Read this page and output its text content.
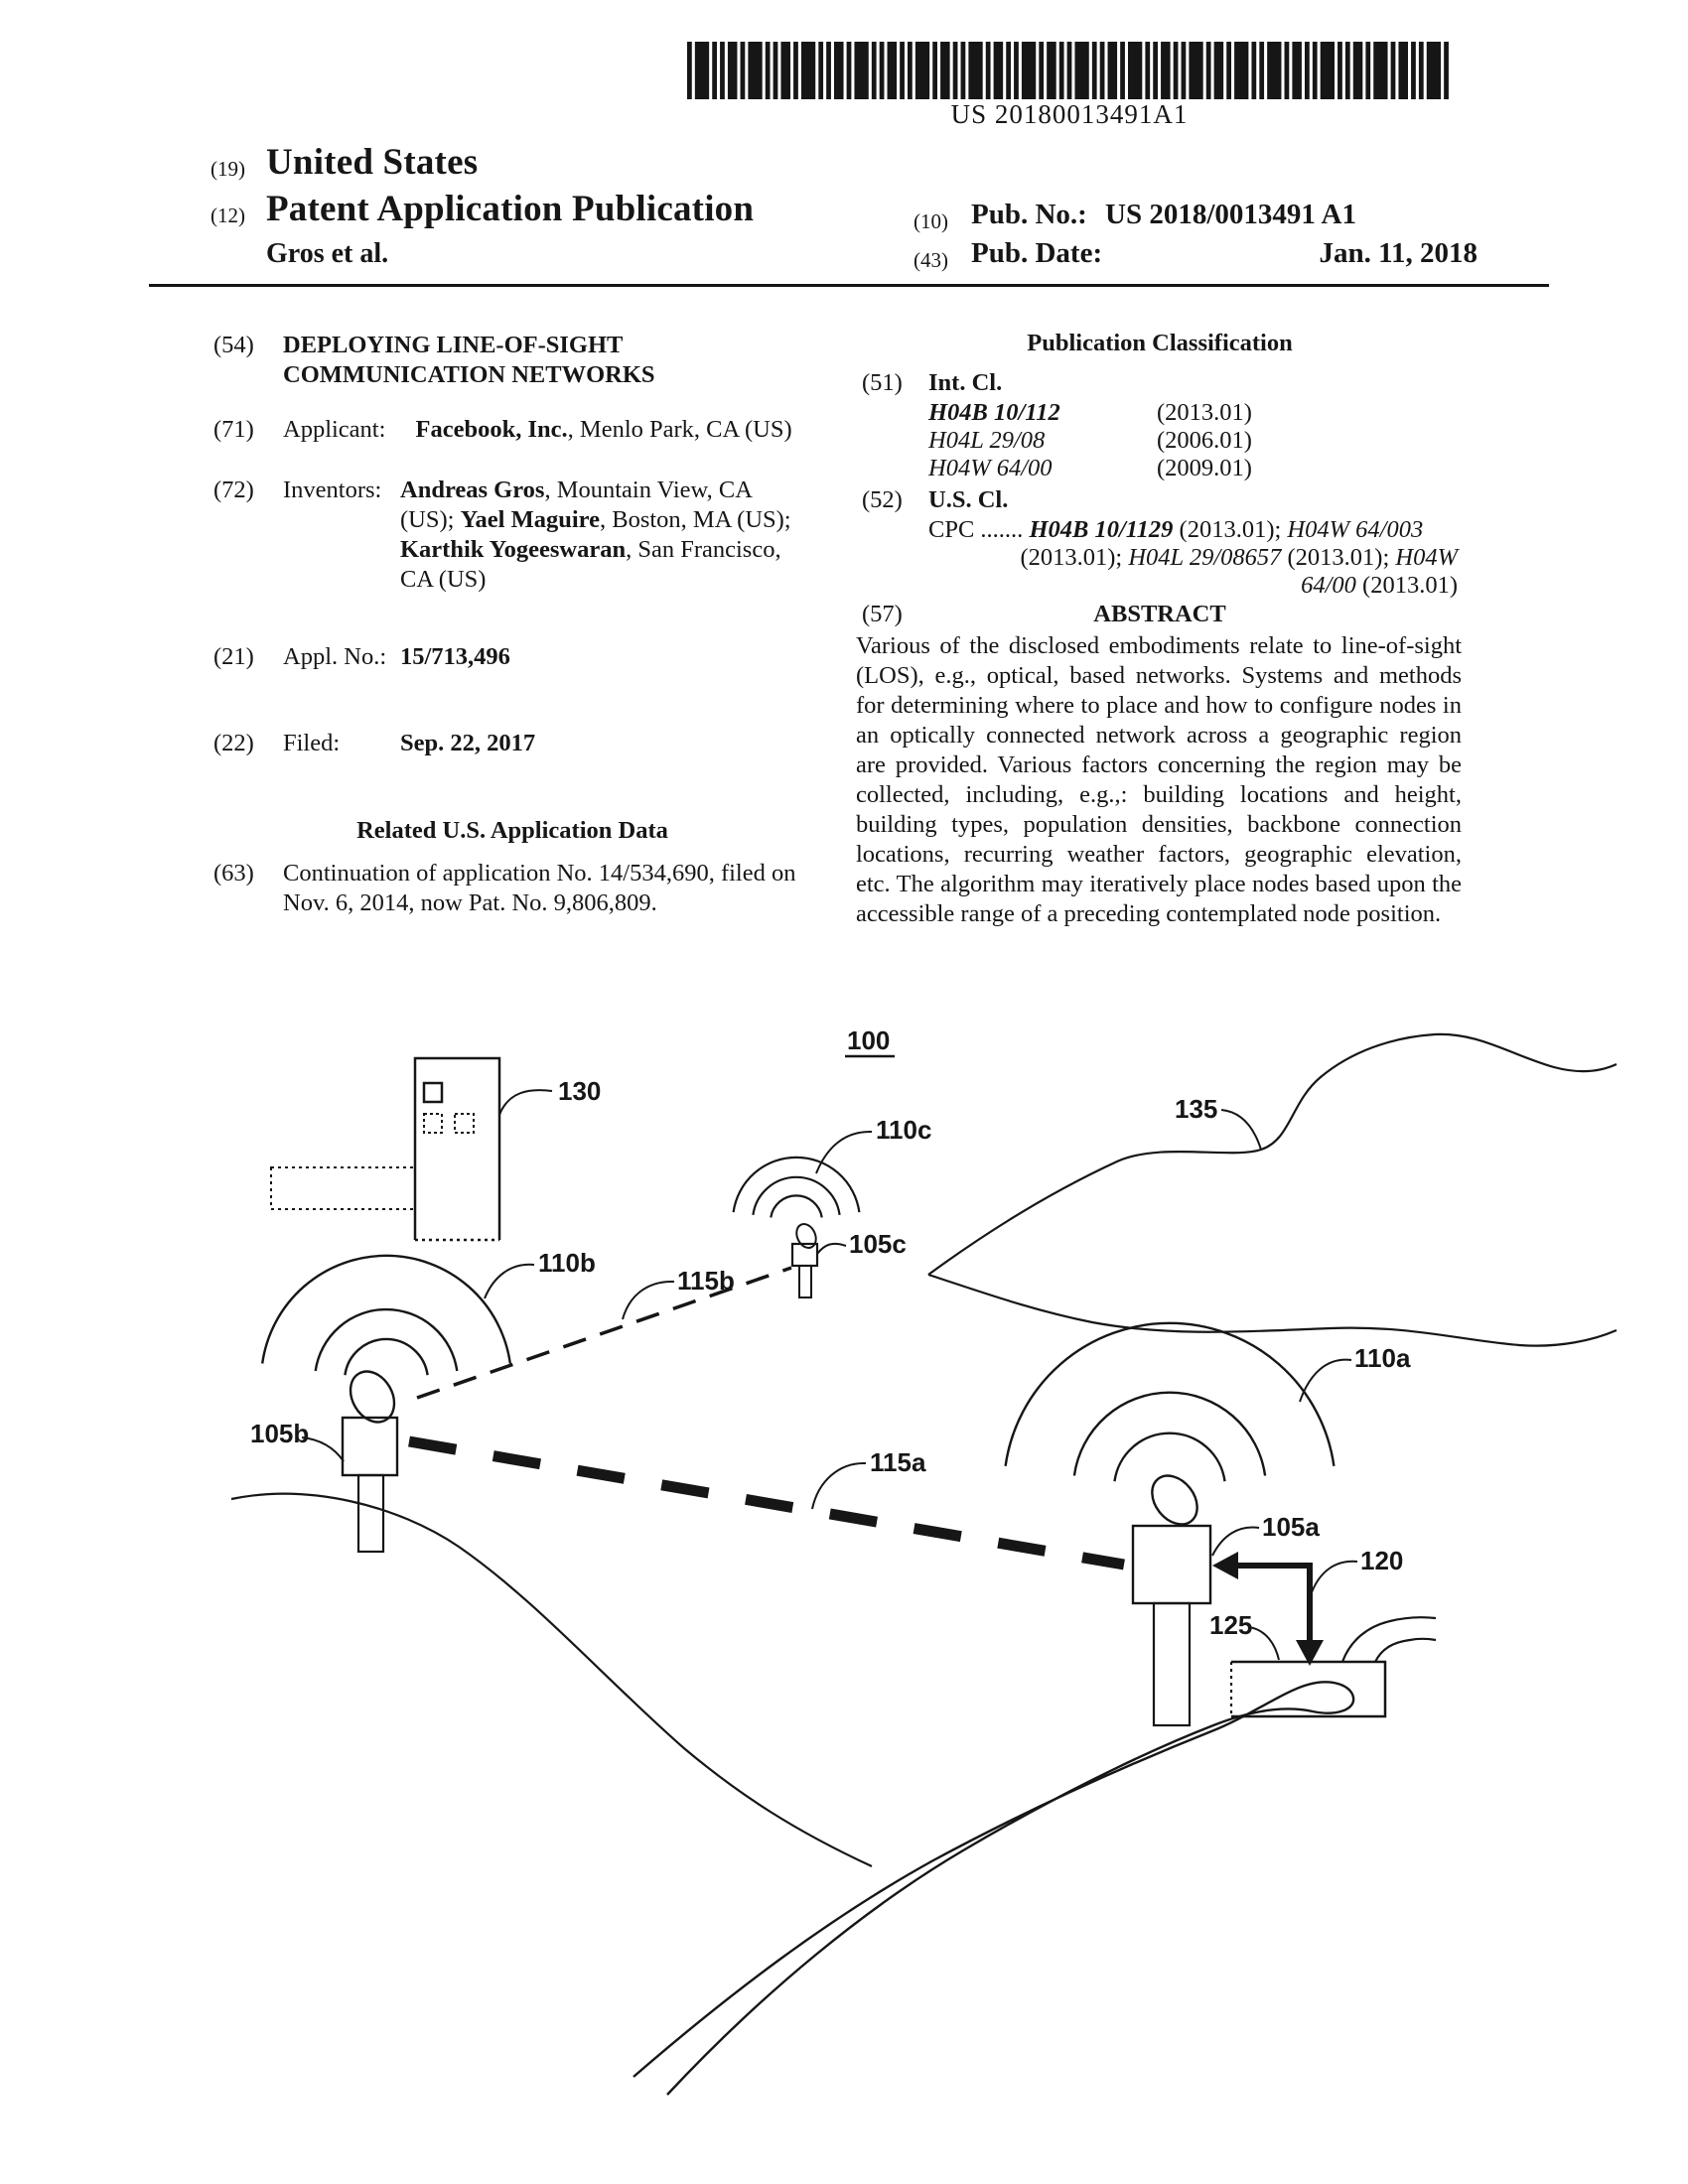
US 20180013491A1
(19) United States
(12) Patent Application Publication	(10) Pub. No.: US 2018/0013491 A1
Gros et al.	(43) Pub. Date:	Jan. 11, 2018
(54) DEPLOYING LINE-OF-SIGHT
COMMUNICATION NETWORKS
(71) Applicant: Facebook, Inc., Menlo Park, CA (US)
(72) Inventors: Andreas Gros, Mountain View, CA
(US); Yael Maguire, Boston, MA (US);
Karthik Yogeeswaran, San Francisco,
CA (US)
(21) Appl. No.: 15/713,496
(22) Filed: Sep. 22, 2017
Related U.S. Application Data
(63) Continuation of application No. 14/534,690, filed on
Nov. 6, 2014, now Pat. No. 9,806,809.
Publication Classification
(51) Int. Cl.
H04B 10/112	(2013.01)
H04L 29/08	(2006.01)
H04W 64/00	(2009.01)
(52) U.S. Cl.
CPC ....... H04B 10/1129 (2013.01); H04W 64/003
(2013.01); H04L 29/08657 (2013.01); H04W
64/00 (2013.01)
(57)	ABSTRACT
Various of the disclosed embodiments relate to line-of-sight (LOS), e.g., optical, based networks. Systems and methods for determining where to place and how to configure nodes in an optically connected network across a geographic region are provided. Various factors concerning the region may be collected, including, e.g.,: building locations and height, building types, population densities, backbone connection locations, recurring weather factors, geographic elevation, etc. The algorithm may iteratively place nodes based upon the accessible range of a preceding contemplated node position.
100
130
110c
135
105c
110b
115b
110a
105b
115a
105a
120
125
